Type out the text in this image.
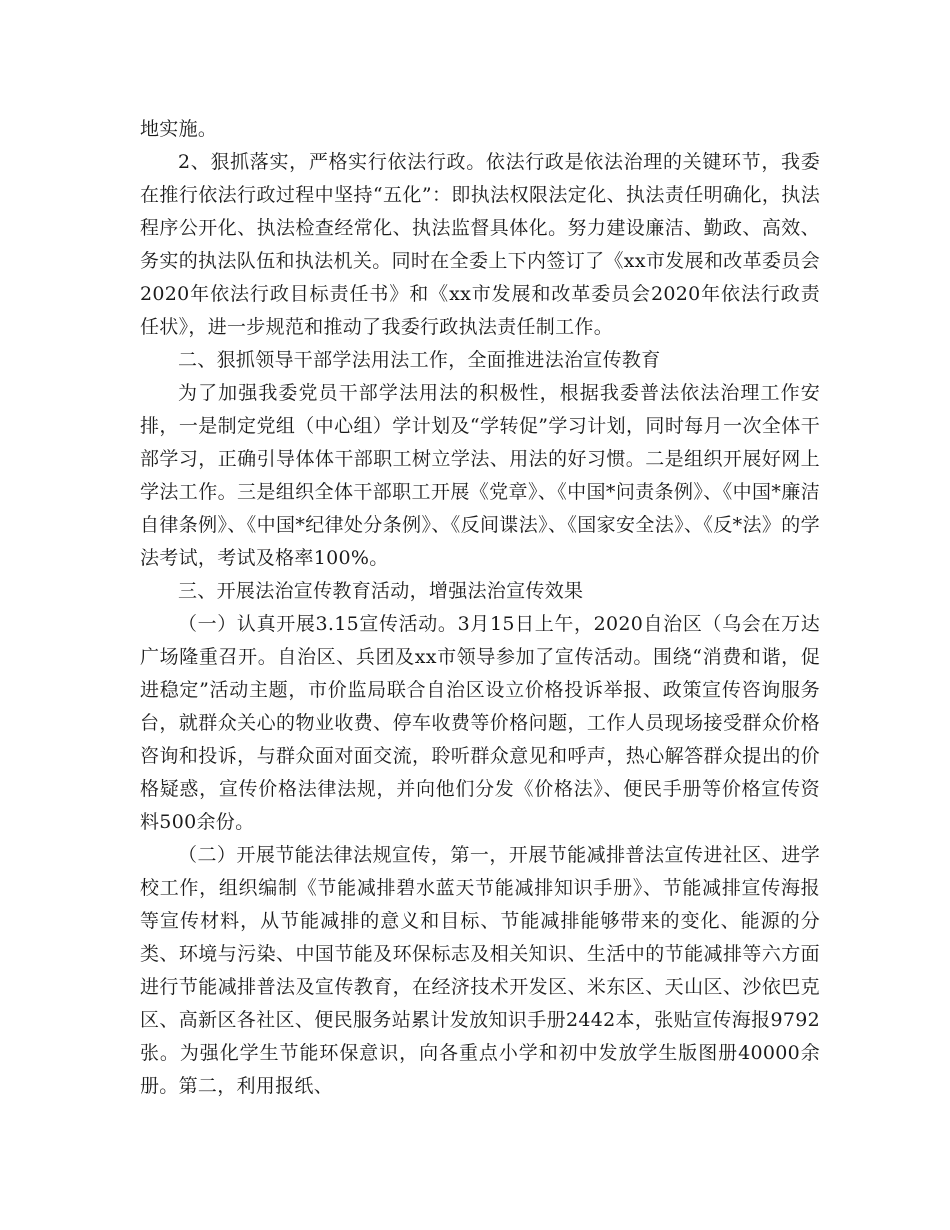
地实施。

2、狠抓落实，严格实行依法行政。依法行政是依法治理的关键环节，我委在推行依法行政过程中坚持“五化”：即执法权限法定化、执法责任明确化，执法程序公开化、执法检查经常化、执法监督具体化。努力建设廉洁、勤政、高效、务实的执法队伍和执法机关。同时在全委上下内签订了《xx市发展和改革委员会2020年依法行政目标责任书》和《xx市发展和改革委员会2020年依法行政责任状》，进一步规范和推动了我委行政执法责任制工作。

二、狠抓领导干部学法用法工作，全面推进法治宣传教育

为了加强我委党员干部学法用法的积极性，根据我委普法依法治理工作安排，一是制定党组（中心组）学计划及“学转促”学习计划，同时每月一次全体干部学习，正确引导体体干部职工树立学法、用法的好习惯。二是组织开展好网上学法工作。三是组织全体干部职工开展《党章》、《中国*问责条例》、《中国*廉洁自律条例》、《中国*纪律处分条例》、《反间谍法》、《国家安全法》、《反*法》的学法考试，考试及格率100%。

三、开展法治宣传教育活动，增强法治宣传效果

（一）认真开展3.15宣传活动。3月15日上午，2020自治区（乌会在万达广场隆重召开。自治区、兵团及xx市领导参加了宣传活动。围绕“消费和谐，促进稳定”活动主题，市价监局联合自治区设立价格投诉举报、政策宣传咨询服务台，就群众关心的物业收费、停车收费等价格问题，工作人员现场接受群众价格咨询和投诉，与群众面对面交流，聆听群众意见和呼声，热心解答群众提出的价格疑惑，宣传价格法律法规，并向他们分发《价格法》、便民手册等价格宣传资料500余份。

（二）开展节能法律法规宣传，第一，开展节能减排普法宣传进社区、进学校工作，组织编制《节能减排碧水蓝天节能减排知识手册》、节能减排宣传海报等宣传材料，从节能减排的意义和目标、节能减排能够带来的变化、能源的分类、环境与污染、中国节能及环保标志及相关知识、生活中的节能减排等六方面进行节能减排普法及宣传教育，在经济技术开发区、米东区、天山区、沙依巴克区、高新区各社区、便民服务站累计发放知识手册2442本，张贴宣传海报9792张。为强化学生节能环保意识，向各重点小学和初中发放学生版图册40000余册。第二，利用报纸、
